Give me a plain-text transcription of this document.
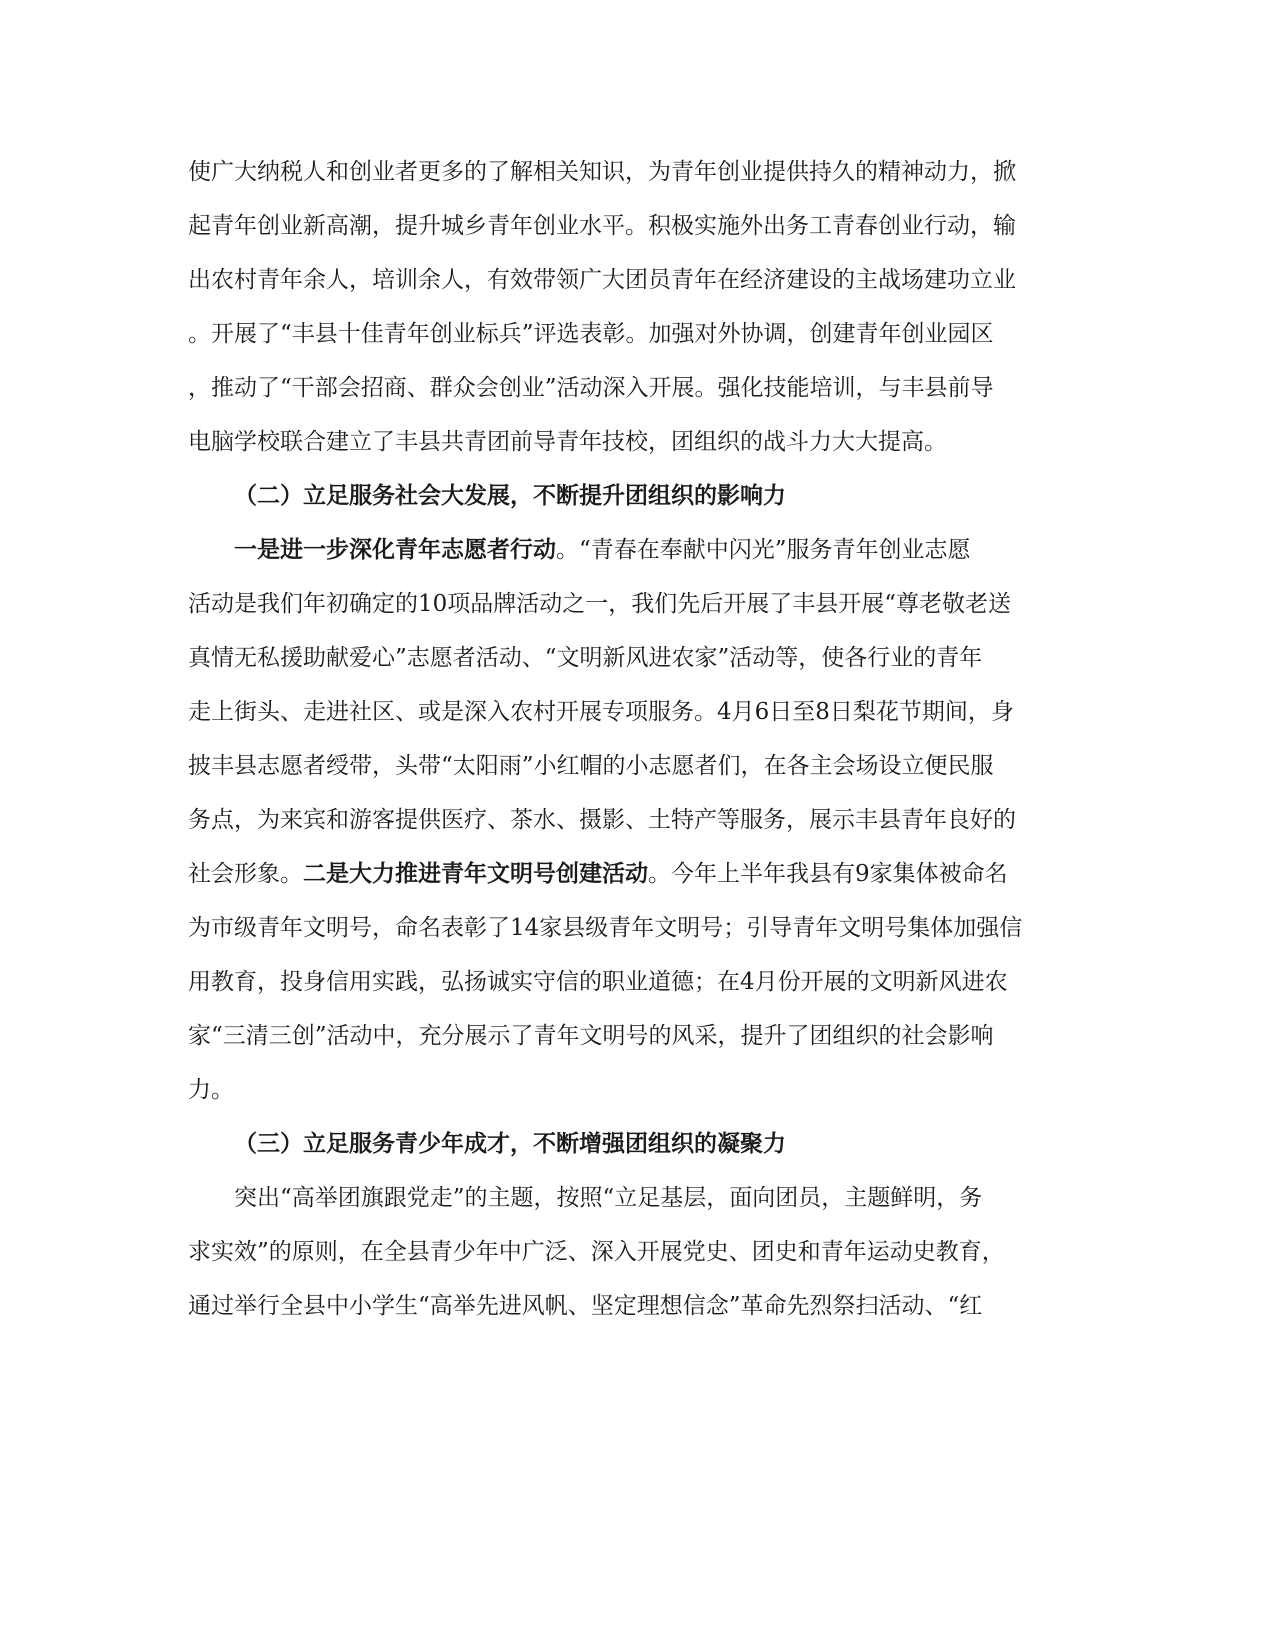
使广大纳税人和创业者更多的了解相关知识，为青年创业提供持久的精神动力，掀
起青年创业新高潮，提升城乡青年创业水平。积极实施外出务工青春创业行动，输
出农村青年余人，培训余人，有效带领广大团员青年在经济建设的主战场建功立业
。开展了“丰县十佳青年创业标兵”评选表彰。加强对外协调，创建青年创业园区
，推动了“干部会招商、群众会创业”活动深入开展。强化技能培训，与丰县前导
电脑学校联合建立了丰县共青团前导青年技校，团组织的战斗力大大提高。
（二）立足服务社会大发展，不断提升团组织的影响力
一是进一步深化青年志愿者行动。“青春在奉献中闪光”服务青年创业志愿
活动是我们年初确定的10项品牌活动之一，我们先后开展了丰县开展“尊老敬老送
真情无私援助献爱心”志愿者活动、“文明新风进农家”活动等，使各行业的青年
走上街头、走进社区、或是深入农村开展专项服务。4月6日至8日梨花节期间，身
披丰县志愿者绶带，头带“太阳雨”小红帽的小志愿者们，在各主会场设立便民服
务点，为来宾和游客提供医疗、茶水、摄影、土特产等服务，展示丰县青年良好的
社会形象。二是大力推进青年文明号创建活动。今年上半年我县有9家集体被命名
为市级青年文明号，命名表彰了14家县级青年文明号；引导青年文明号集体加强信
用教育，投身信用实践，弘扬诚实守信的职业道德；在4月份开展的文明新风进农
家“三清三创”活动中，充分展示了青年文明号的风采，提升了团组织的社会影响
力。
（三）立足服务青少年成才，不断增强团组织的凝聚力
突出“高举团旗跟党走”的主题，按照“立足基层，面向团员，主题鲜明，务
求实效”的原则，在全县青少年中广泛、深入开展党史、团史和青年运动史教育，
通过举行全县中小学生“高举先进风帆、坚定理想信念”革命先烈祭扫活动、“红
